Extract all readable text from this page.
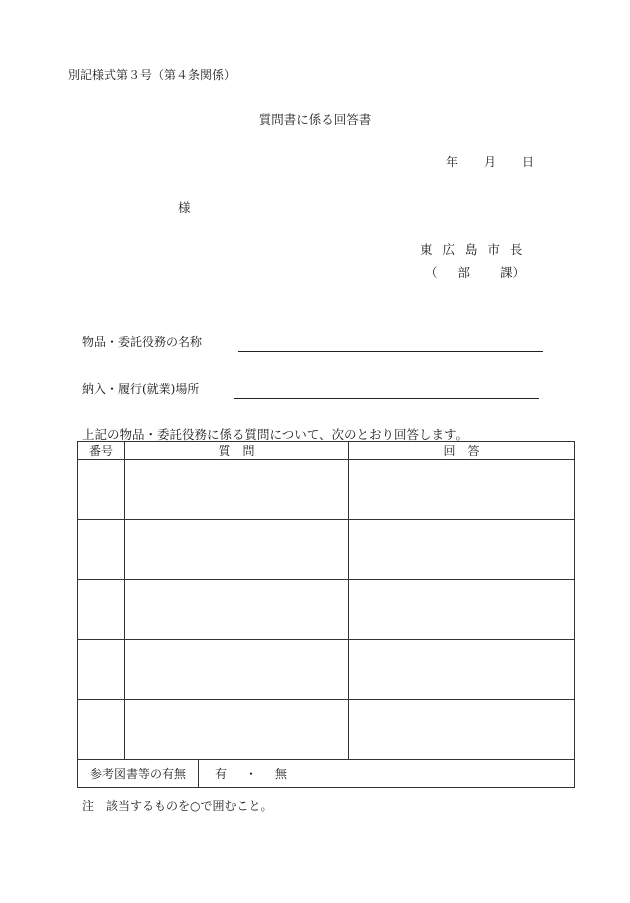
別記様式第３号（第４条関係）
質問書に係る回答書
年 月 日
様
東 広 島 市 長
（ 部 課）
物品・委託役務の名称
納入・履行(就業)場所
上記の物品・委託役務に係る質問について、次のとおり回答します。
番号	質　問	回　答

参考図書等の有無	有 ・ 無
注　該当するものを○で囲むこと。
